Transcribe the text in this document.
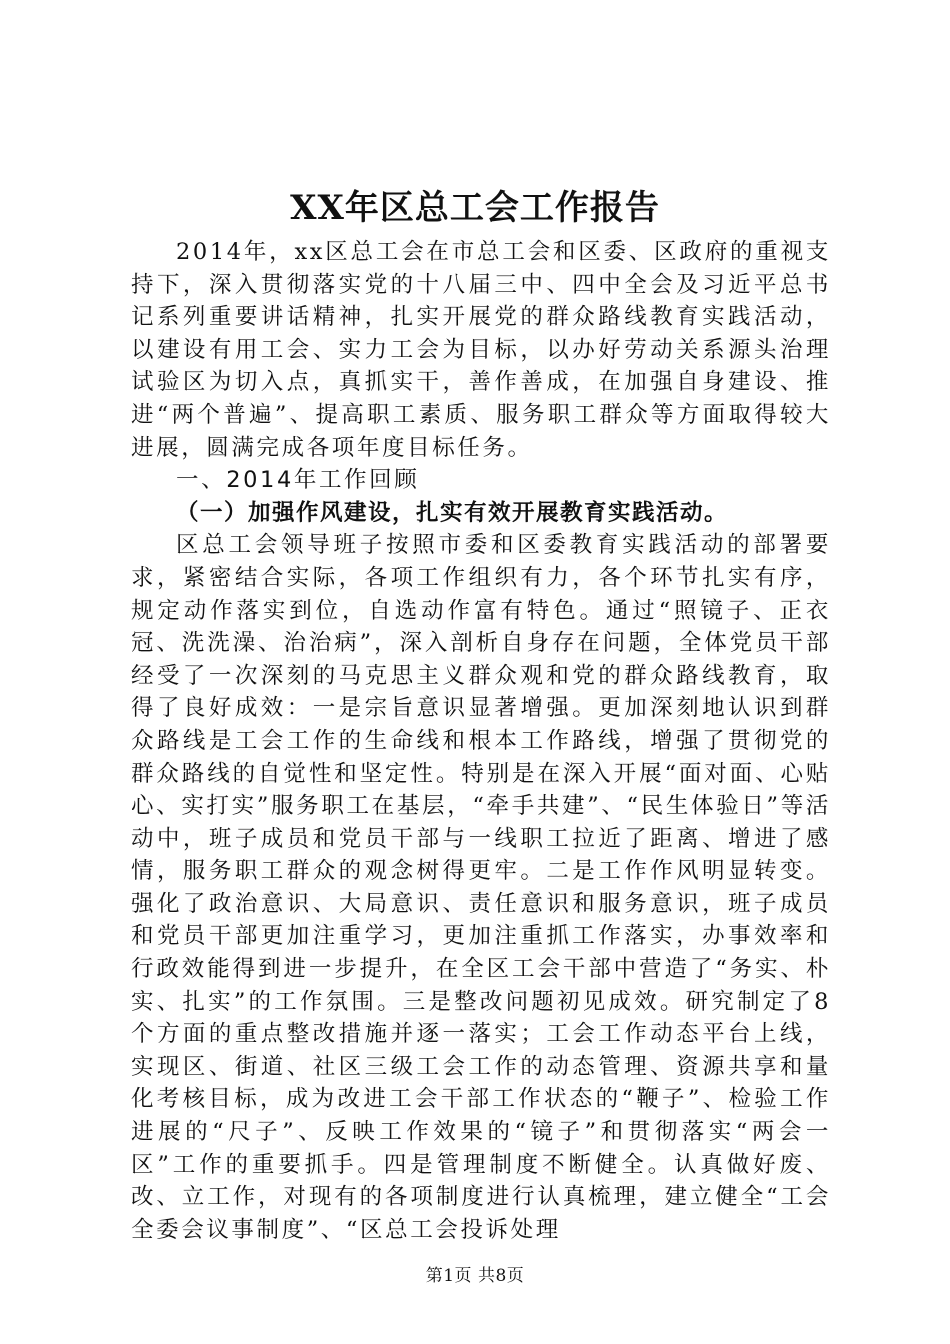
XX年区总工会工作报告

2014年，xx区总工会在市总工会和区委、区政府的重视支持下，深入贯彻落实党的十八届三中、四中全会及习近平总书记系列重要讲话精神，扎实开展党的群众路线教育实践活动，以建设有用工会、实力工会为目标，以办好劳动关系源头治理试验区为切入点，真抓实干，善作善成，在加强自身建设、推进“两个普遍”、提高职工素质、服务职工群众等方面取得较大进展，圆满完成各项年度目标任务。

一、2014年工作回顾

（一）加强作风建设，扎实有效开展教育实践活动。

区总工会领导班子按照市委和区委教育实践活动的部署要求，紧密结合实际，各项工作组织有力，各个环节扎实有序，规定动作落实到位，自选动作富有特色。通过“照镜子、正衣冠、洗洗澡、治治病”，深入剖析自身存在问题，全体党员干部经受了一次深刻的马克思主义群众观和党的群众路线教育，取得了良好成效：一是宗旨意识显著增强。更加深刻地认识到群众路线是工会工作的生命线和根本工作路线，增强了贯彻党的群众路线的自觉性和坚定性。特别是在深入开展“面对面、心贴心、实打实”服务职工在基层，“牵手共建”、“民生体验日”等活动中，班子成员和党员干部与一线职工拉近了距离、增进了感情，服务职工群众的观念树得更牢。二是工作作风明显转变。强化了政治意识、大局意识、责任意识和服务意识，班子成员和党员干部更加注重学习，更加注重抓工作落实，办事效率和行政效能得到进一步提升，在全区工会干部中营造了“务实、朴实、扎实”的工作氛围。三是整改问题初见成效。研究制定了8个方面的重点整改措施并逐一落实；工会工作动态平台上线，实现区、街道、社区三级工会工作的动态管理、资源共享和量化考核目标，成为改进工会干部工作状态的“鞭子”、检验工作进展的“尺子”、反映工作效果的“镜子”和贯彻落实“两会一区”工作的重要抓手。四是管理制度不断健全。认真做好废、改、立工作，对现有的各项制度进行认真梳理，建立健全“工会全委会议事制度”、“区总工会投诉处理

第1页 共8页
